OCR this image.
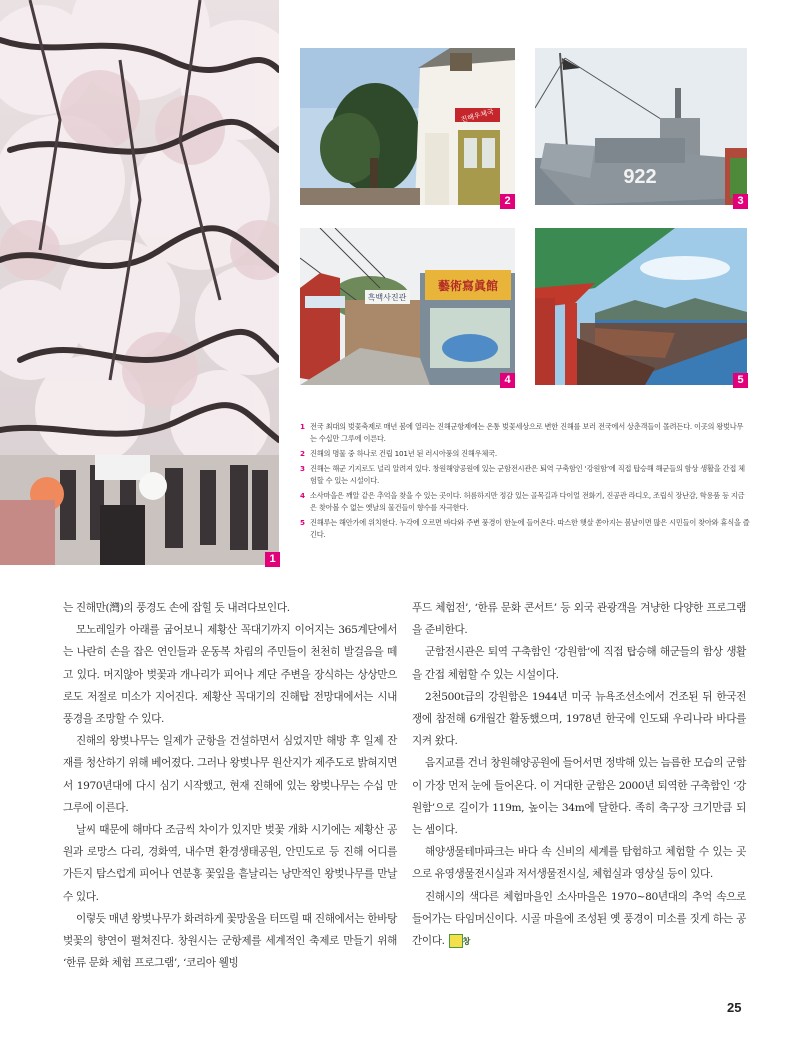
1
진해우체국
2
922
3
흑백사진관
藝術寫眞館
4	5
1 전국 최대의 벚꽃축제로 매년 봄에 열리는 진해군항제에는 온통 벚꽃세상으로 변한 진해를 보러 전국에서 상춘객들이 몰려든다. 이곳의 왕벚나무는 수십만 그루에 이른다.
2 진해의 명물 중 하나로 건립 101년 된 러시아풍의 진해우체국.
3 진해는 해군 기지로도 널리 알려져 있다. 창원해양공원에 있는 군함전시관은 퇴역 구축함인 ‘강원함’에 직접 탑승해 해군들의 함상 생활을 간접 체험할 수 있는 시설이다.
4 소사마을은 깨알 같은 추억을 찾을 수 있는 곳이다. 허름하지만 정감 있는 골목길과 다이얼 전화기, 진공관 라디오, 조립식 장난감, 학용품 등 지금은 찾아볼 수 없는 옛날의 물건들이 향수를 자극한다.
5 진해루는 해안가에 위치한다. 누각에 오르면 바다와 주변 풍경이 한눈에 들어온다. 따스한 햇살 쏟아지는 봄날이면 많은 시민들이 찾아와 휴식을 즐긴다.

는 진해만(灣)의 풍경도 손에 잡힐 듯 내려다보인다.

모노레일카 아래를 굽어보니 제황산 꼭대기까지 이어지는 365계단에서는 나란히 손을 잡은 연인들과 운동복 차림의 주민들이 천천히 발걸음을 떼고 있다. 머지않아 벚꽃과 개나리가 피어나 계단 주변을 장식하는 상상만으로도 저절로 미소가 지어진다. 제황산 꼭대기의 진해탑 전망대에서는 시내 풍경을 조망할 수 있다.

진해의 왕벚나무는 일제가 군항을 건설하면서 심었지만 해방 후 일제 잔재를 청산하기 위해 베어졌다. 그러나 왕벚나무 원산지가 제주도로 밝혀지면서 1970년대에 다시 심기 시작했고, 현재 진해에 있는 왕벚나무는 수십 만 그루에 이른다.

날씨 때문에 해마다 조금씩 차이가 있지만 벚꽃 개화 시기에는 제황산 공원과 로망스 다리, 경화역, 내수면 환경생태공원, 안민도로 등 진해 어디를 가든지 탐스럽게 피어나 연분홍 꽃잎을 흩날리는 낭만적인 왕벚나무를 만날 수 있다.

이렇듯 매년 왕벚나무가 화려하게 꽃망울을 터뜨릴 때 진해에서는 한바탕 벚꽃의 향연이 펼쳐진다. 창원시는 군항제를 세계적인 축제로 만들기 위해 ‘한류 문화 체험 프로그램’, ‘코리아 웰빙

푸드 체험전’, ‘한류 문화 콘서트’ 등 외국 관광객을 겨냥한 다양한 프로그램을 준비한다.

군함전시관은 퇴역 구축함인 ‘강원함’에 직접 탑승해 해군들의 함상 생활을 간접 체험할 수 있는 시설이다.

2천500t급의 강원함은 1944년 미국 뉴욕조선소에서 건조된 뒤 한국전쟁에 참전해 6개월간 활동했으며, 1978년 한국에 인도돼 우리나라 바다를 지켜 왔다.

음지교를 건너 창원해양공원에 들어서면 정박해 있는 늠름한 모습의 군함이 가장 먼저 눈에 들어온다. 이 거대한 군함은 2000년 퇴역한 구축함인 ‘강원함’으로 길이가 119m, 높이는 34m에 달한다. 족히 축구장 크기만큼 되는 셈이다.

해양생물테마파크는 바다 속 신비의 세계를 탐험하고 체험할 수 있는 곳으로 유영생물전시실과 저서생물전시실, 체험실과 영상실 등이 있다.

진해시의 색다른 체험마을인 소사마을은 1970~80년대의 추억 속으로 들어가는 타임머신이다. 시골 마을에 조성된 옛 풍경이 미소를 짓게 하는 공간이다. 창

25
